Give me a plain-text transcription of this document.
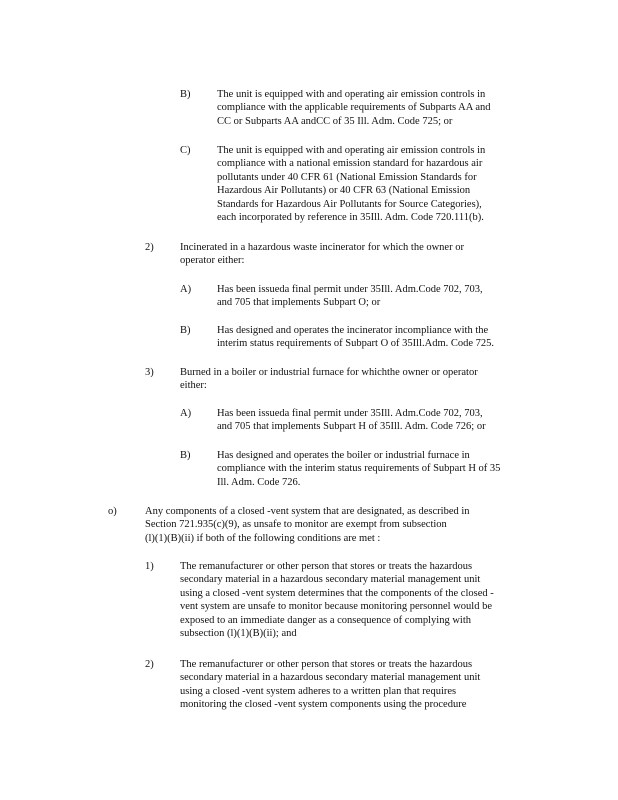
B)	The unit is equipped with and operating air emission controls in
compliance with the applicable requirements of Subparts AA and
CC or Subparts AA andCC of 35 Ill. Adm. Code 725; or
C)	The unit is equipped with and operating air emission controls in
compliance with a national emission standard for hazardous air
pollutants under 40 CFR 61 (National Emission Standards for
Hazardous Air Pollutants) or 40 CFR 63 (National Emission
Standards for Hazardous Air Pollutants for Source Categories),
each incorporated by reference in 35Ill. Adm. Code 720.111(b).
2)	Incinerated in a hazardous waste incinerator for which the owner or
operator either:
A) Has been issueda final permit under 35Ill. Adm.Code 702, 703,
and 705 that implements Subpart O; or
B)	Has designed and operates the incinerator incompliance with the
interim status requirements of Subpart O of 35Ill.Adm. Code 725.
3)	Burned in a boiler or industrial furnace for whichthe owner or operator
either:
A) Has been issueda final permit under 35Ill. Adm.Code 702, 703,
and 705 that implements Subpart H of 35Ill. Adm. Code 726; or
B)	Has designed and operates the boiler or industrial furnace in
compliance with the interim status requirements of Subpart H of 35
Ill. Adm. Code 726.
o)	Any components of a closed -vent system that are designated, as described in
Section 721.935(c)(9), as unsafe to monitor are exempt from subsection
(l)(1)(B)(ii) if both of the following conditions are met :
1)	The remanufacturer or other person that stores or treats the hazardous
secondary material in a hazardous secondary material management unit
using a closed -vent system determines that the components of the closed -
vent system are unsafe to monitor because monitoring personnel would be
exposed to an immediate danger as a consequence of complying with
subsection (l)(1)(B)(ii); and
2)	The remanufacturer or other person that stores or treats the hazardous
secondary material in a hazardous secondary material management unit
using a closed -vent system adheres to a written plan that requires
monitoring the closed -vent system components using the procedure
